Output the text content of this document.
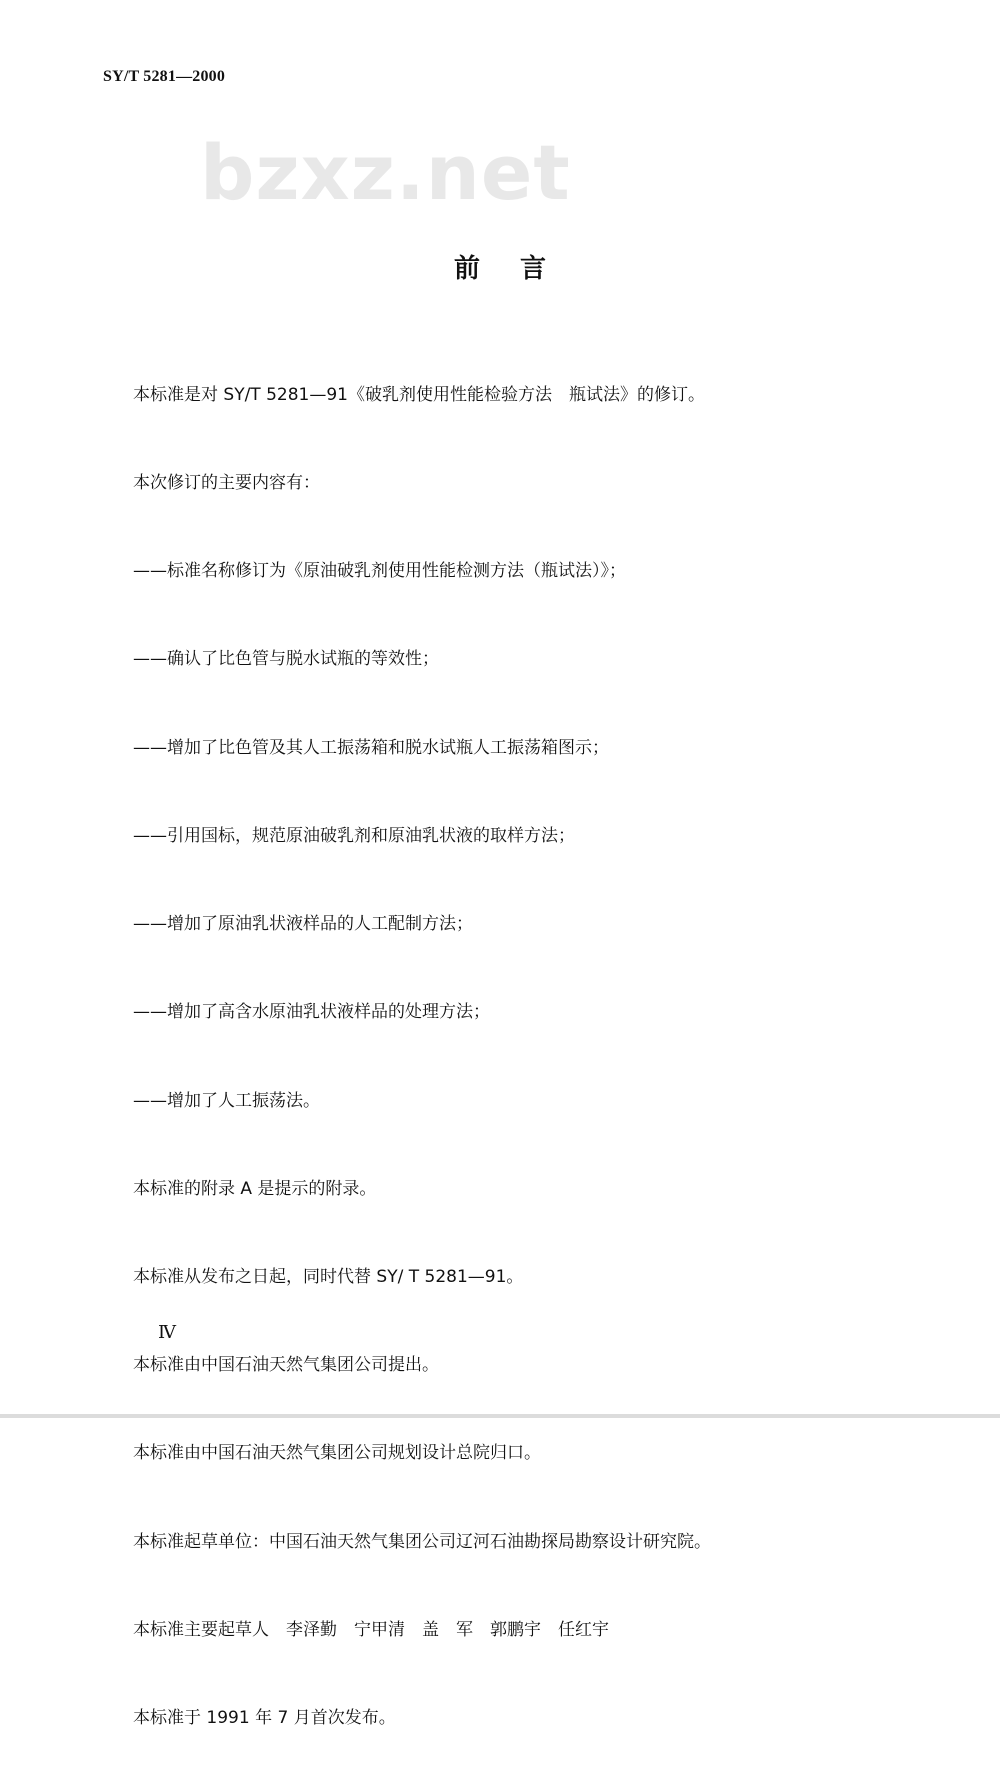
SY/T 5281—2000
bzxz.net
前言

本标准是对 SY/T 5281—91《破乳剂使用性能检验方法　瓶试法》的修订。

本次修订的主要内容有：

——标准名称修订为《原油破乳剂使用性能检测方法（瓶试法）》；

——确认了比色管与脱水试瓶的等效性；

——增加了比色管及其人工振荡箱和脱水试瓶人工振荡箱图示；

——引用国标，规范原油破乳剂和原油乳状液的取样方法；

——增加了原油乳状液样品的人工配制方法；

——增加了高含水原油乳状液样品的处理方法；

——增加了人工振荡法。

本标准的附录 A 是提示的附录。

本标准从发布之日起，同时代替 SY/ T 5281—91。

本标准由中国石油天然气集团公司提出。

本标准由中国石油天然气集团公司规划设计总院归口。

本标准起草单位：中国石油天然气集团公司辽河石油勘探局勘察设计研究院。

本标准主要起草人　李泽勤　宁甲清　盖　军　郭鹏宇　任红宇

本标准于 1991 年 7 月首次发布。

Ⅳ
